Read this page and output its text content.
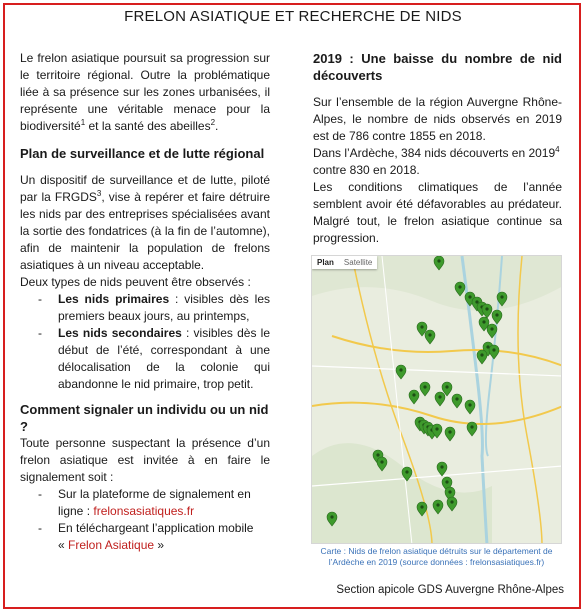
FRELON ASIATIQUE ET RECHERCHE DE NIDS

Le frelon asiatique poursuit sa progression sur le territoire régional. Outre la problématique liée à sa présence sur les zones urbanisées, il représente une véritable menace pour la biodiversité$^1$ et la santé des abeilles$^2$.

Plan de surveillance et de lutte régional

Un dispositif de surveillance et de lutte, piloté par la FRGDS$^3$, vise à repérer et faire détruire les nids par des entreprises spécialisées avant la sortie des fondatrices (à la fin de l’automne), afin de maintenir la population de frelons asiatiques à un niveau acceptable.

Deux types de nids peuvent être observés :

- Les nids primaires : visibles dès les premiers beaux jours, au printemps,
- Les nids secondaires : visibles dès le début de l’été, correspondant à une délocalisation de la colonie qui abandonne le nid primaire, trop petit.
Comment signaler un individu ou un nid ?

Toute personne suspectant la présence d’un frelon asiatique est invitée à en faire le signalement soit :

- Sur la plateforme de signalement en ligne : frelonsasiatiques.fr
- En téléchargeant l’application mobile
« Frelon Asiatique »
2019 : Une baisse du nombre de nid découverts

Sur l’ensemble de la région Auvergne Rhône-Alpes, le nombre de nids observés en 2019 est de 786 contre 1855 en 2018.

Dans l’Ardèche, 384 nids découverts en 2019$^4$ contre 830 en 2018.

Les conditions climatiques de l’année semblent avoir été défavorables au prédateur. Malgré tout, le frelon asiatique continue sa progression.

Plan	Satellite
Carte : Nids de frelon asiatique détruits sur le département de l’Ardèche en 2019 (source données : frelonsasiatiques.fr)
Section apicole GDS Auvergne Rhône-Alpes
